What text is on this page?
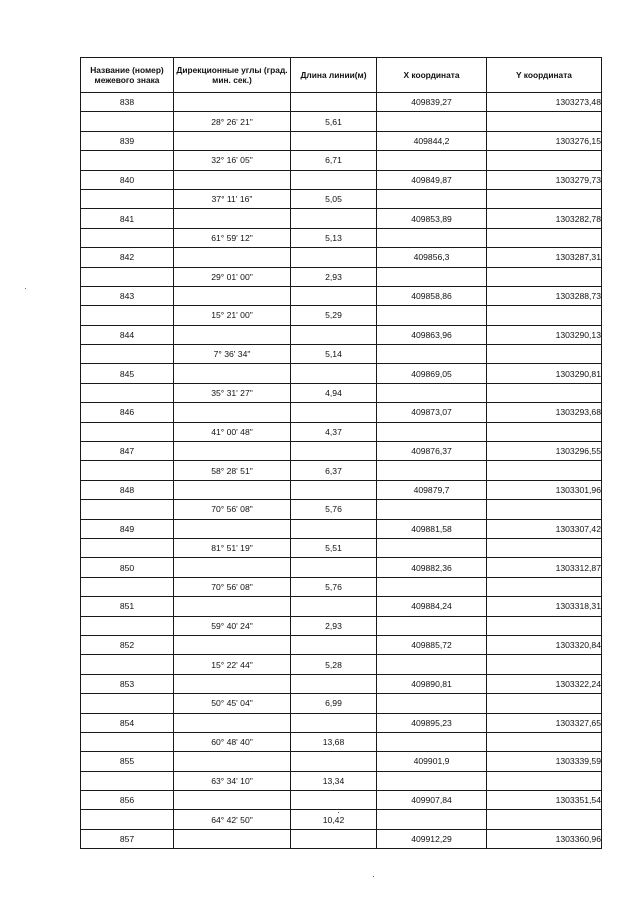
Название (номер) межевого знака	Дирекционные углы (град. мин. сек.)	Длина линии(м)	X координата	Y координата
838			409839,27	1303273,48
	28° 26' 21"	5,61		
839			409844,2	1303276,15
	32° 16' 05"	6,71		
840			409849,87	1303279,73
	37° 11' 16"	5,05		
841			409853,89	1303282,78
	61° 59' 12"	5,13		
842			409856,3	1303287,31
	29° 01' 00"	2,93		
843			409858,86	1303288,73
	15° 21' 00"	5,29		
844			409863,96	1303290,13
	7° 36' 34"	5,14		
845			409869,05	1303290,81
	35° 31' 27"	4,94		
846			409873,07	1303293,68
	41° 00' 48"	4,37		
847			409876,37	1303296,55
	58° 28' 51"	6,37		
848			409879,7	1303301,96
	70° 56' 08"	5,76		
849			409881,58	1303307,42
	81° 51' 19"	5,51		
850			409882,36	1303312,87
	70° 56' 08"	5,76		
851			409884,24	1303318,31
	59° 40' 24"	2,93		
852			409885,72	1303320,84
	15° 22' 44"	5,28		
853			409890,81	1303322,24
	50° 45' 04"	6,99		
854			409895,23	1303327,65
	60° 48' 40"	13,68		
855			409901,9	1303339,59
	63° 34' 10"	13,34		
856			409907,84	1303351,54
	64° 42' 50"	10,42		
857			409912,29	1303360,96
